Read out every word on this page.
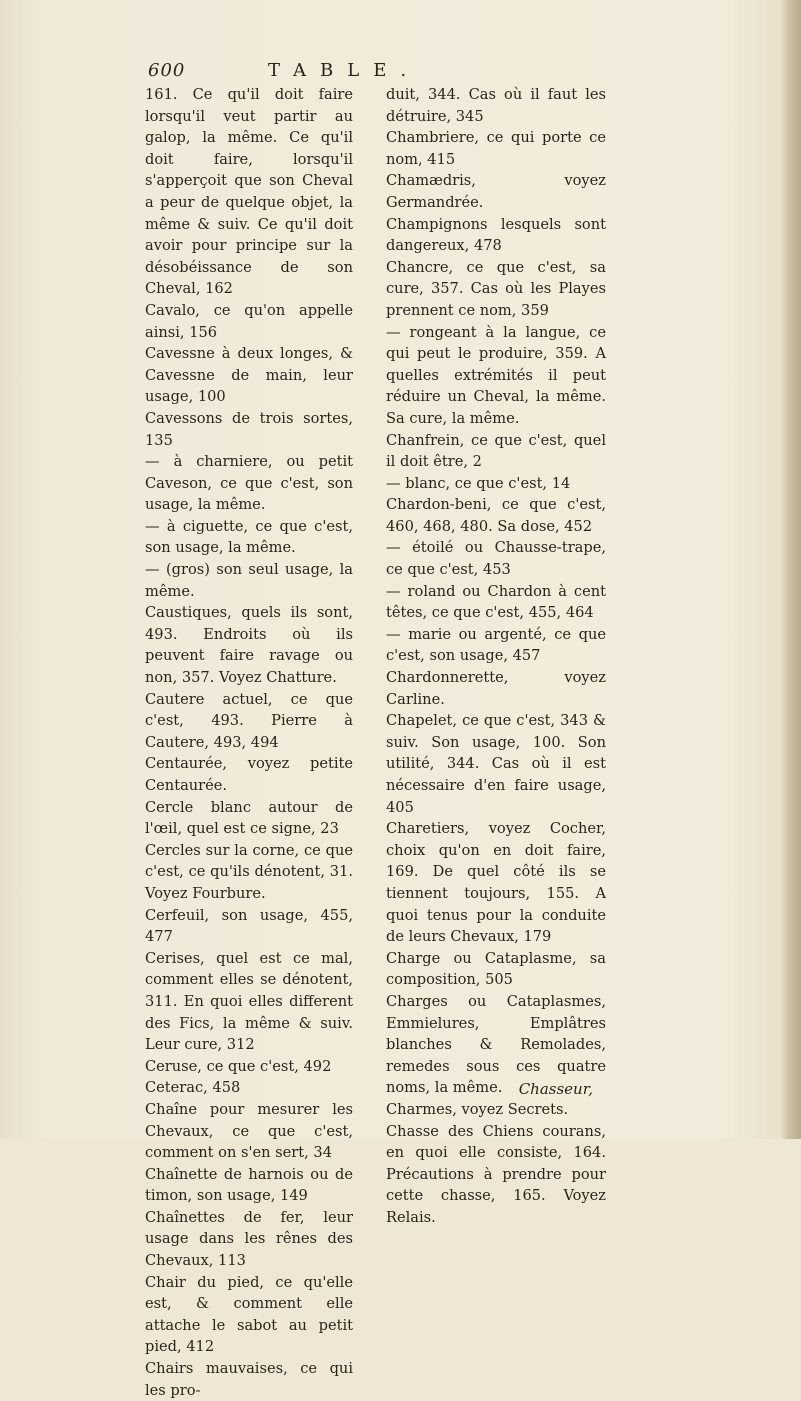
600	TABLE.

161. Ce qu'il doit faire lorsqu'il veut partir au galop, la même. Ce qu'il doit faire, lorsqu'il s'apperçoit que son Cheval a peur de quelque objet, la même & suiv. Ce qu'il doit avoir pour principe sur la désobéissance de son Cheval, 162

Cavalo, ce qu'on appelle ainsi, 156

Cavessne à deux longes, & Cavessne de main, leur usage, 100

Cavessons de trois sortes, 135

— à charniere, ou petit Caveson, ce que c'est, son usage, la même.

— à ciguette, ce que c'est, son usage, la même.

— (gros) son seul usage, la même.

Caustiques, quels ils sont, 493. Endroits où ils peuvent faire ravage ou non, 357. Voyez Chatture.

Cautere actuel, ce que c'est, 493. Pierre à Cautere, 493, 494

Centaurée, voyez petite Centaurée.

Cercle blanc autour de l'œil, quel est ce signe, 23

Cercles sur la corne, ce que c'est, ce qu'ils dénotent, 31. Voyez Fourbure.

Cerfeuil, son usage, 455, 477

Cerises, quel est ce mal, comment elles se dénotent, 311. En quoi elles different des Fics, la même & suiv. Leur cure, 312

Ceruse, ce que c'est, 492

Ceterac, 458

Chaîne pour mesurer les Chevaux, ce que c'est, comment on s'en sert, 34

Chaînette de harnois ou de timon, son usage, 149

Chaînettes de fer, leur usage dans les rênes des Chevaux, 113

Chair du pied, ce qu'elle est, & comment elle attache le sabot au petit pied, 412

Chairs mauvaises, ce qui les pro-

duit, 344. Cas où il faut les détruire, 345

Chambriere, ce qui porte ce nom, 415

Chamædris, voyez Germandrée.

Champignons lesquels sont dangereux, 478

Chancre, ce que c'est, sa cure, 357. Cas où les Playes prennent ce nom, 359

— rongeant à la langue, ce qui peut le produire, 359. A quelles extrémités il peut réduire un Cheval, la même. Sa cure, la même.

Chanfrein, ce que c'est, quel il doit être, 2

— blanc, ce que c'est, 14

Chardon-beni, ce que c'est, 460, 468, 480. Sa dose, 452

— étoilé ou Chausse-trape, ce que c'est, 453

— roland ou Chardon à cent têtes, ce que c'est, 455, 464

— marie ou argenté, ce que c'est, son usage, 457

Chardonnerette, voyez Carline.

Chapelet, ce que c'est, 343 & suiv. Son usage, 100. Son utilité, 344. Cas où il est nécessaire d'en faire usage, 405

Charetiers, voyez Cocher, choix qu'on en doit faire, 169. De quel côté ils se tiennent toujours, 155. A quoi tenus pour la conduite de leurs Chevaux, 179

Charge ou Cataplasme, sa composition, 505

Charges ou Cataplasmes, Emmielures, Emplâtres blanches & Remolades, remedes sous ces quatre noms, la même.

Charmes, voyez Secrets.

Chasse des Chiens courans, en quoi elle consiste, 164. Précautions à prendre pour cette chasse, 165. Voyez Relais.

Chasseur,
